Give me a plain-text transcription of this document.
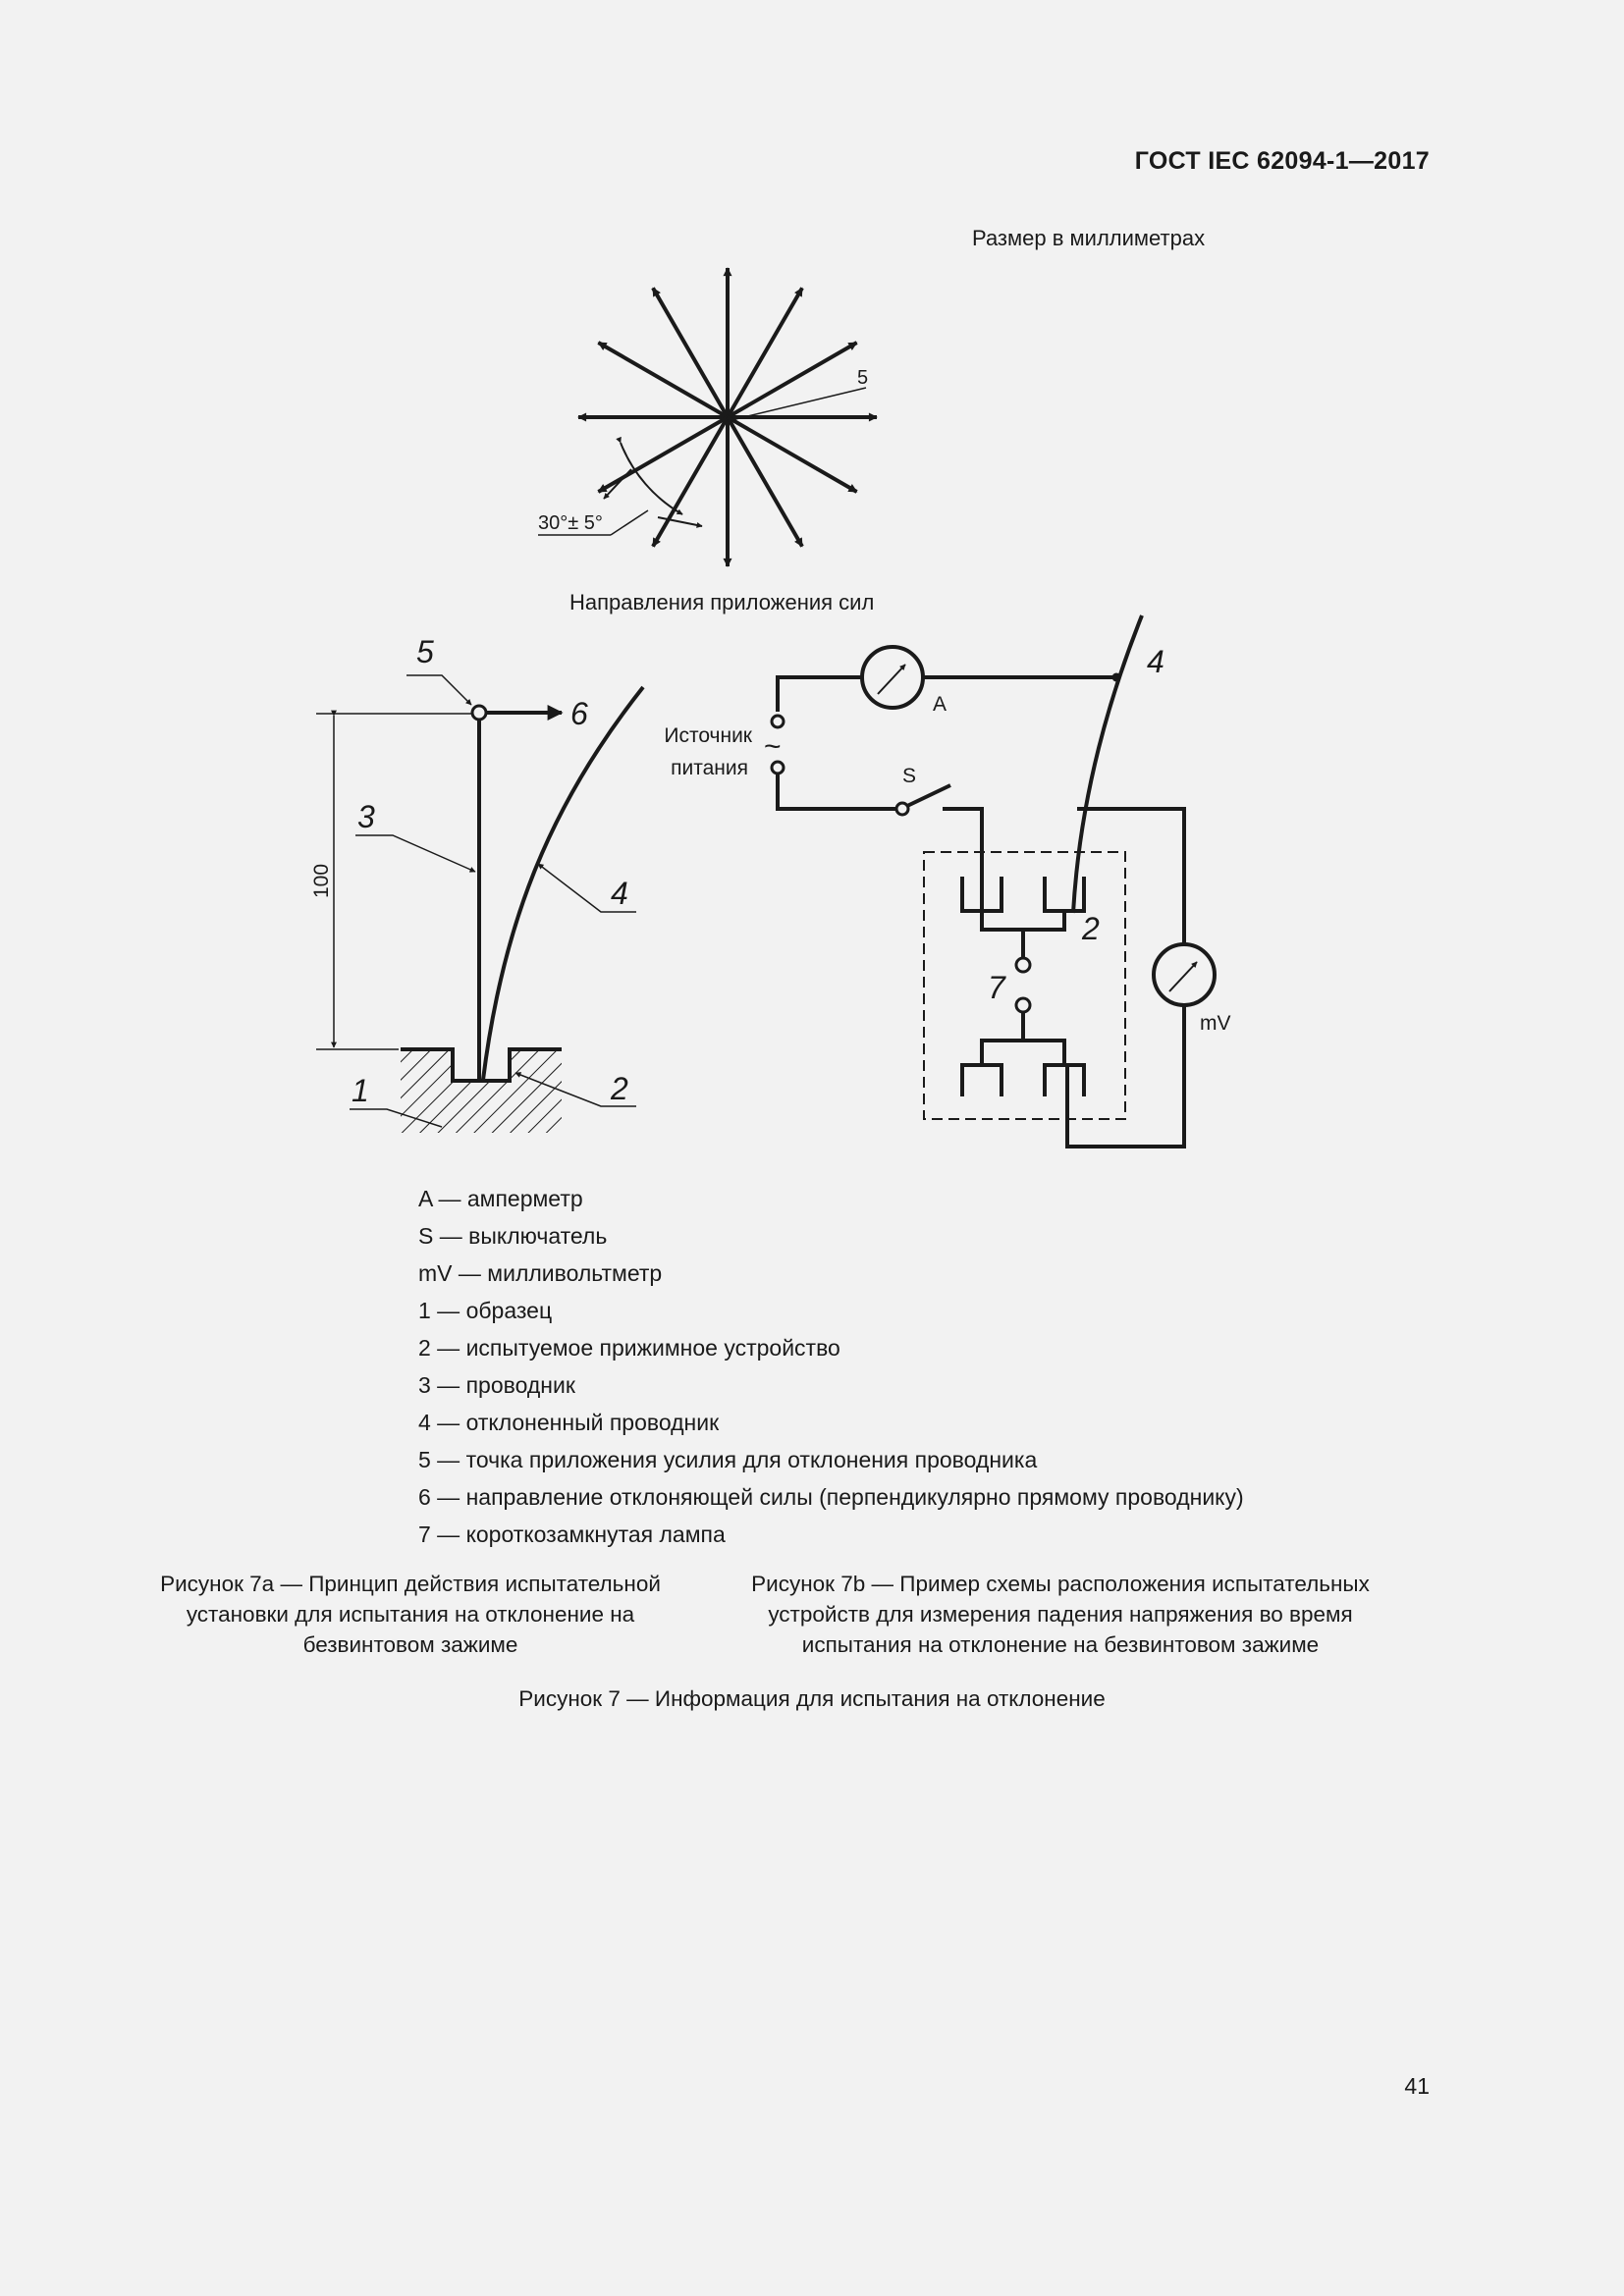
ГОСТ IEC 62094-1—2017

Размер в миллиметрах

5
30°± 5°
5
6
3
4
1	2
100
Источник
питания
~
A
S
mV
4
2
7

Направления приложения сил

A — амперметр
S — выключатель
mV — милливольтметр
1 — образец
2 — испытуемое прижимное устройство
3 — проводник
4 — отклоненный проводник
5 — точка приложения усилия для отклонения проводника
6 — направление отклоняющей силы (перпендикулярно прямому проводнику)
7 — короткозамкнутая лампа
Рисунок 7а — Принцип действия испытательной
установки для испытания на отклонение на
безвинтовом зажиме
Рисунок 7b — Пример схемы расположения испытательных
устройств для измерения падения напряжения во время
испытания на отклонение на безвинтовом зажиме
Рисунок 7 — Информация для испытания на отклонение

41
